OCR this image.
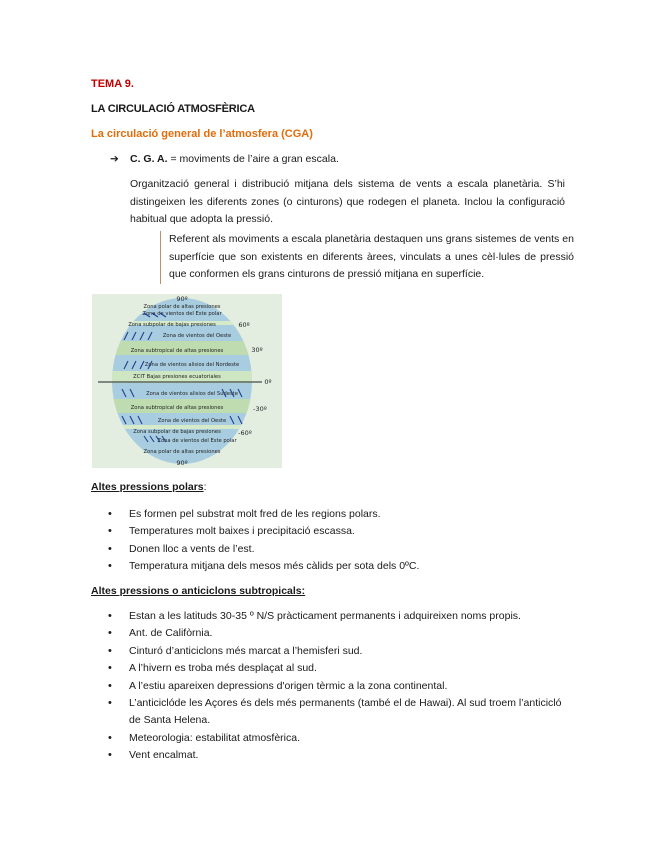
TEMA 9.
LA CIRCULACIÓ ATMOSFÈRICA
La circulació general de l’atmosfera (CGA)
➔ C. G. A. = moviments de l’aire a gran escala.
Organització general i distribució mitjana dels sistema de vents a escala planetària. S’hi distingeixen les diferents zones (o cinturons) que rodegen el planeta. Inclou la configuració habitual que adopta la pressió.
Referent als moviments a escala planetària destaquen uns grans sistemes de vents en superfície que son existents en diferents àrees, vinculats a unes cèl·lules de pressió que conformen els grans cinturons de pressió mitjana en superfície.
90º
Zona polar de altas presiones
Zona de vientos del Este polar
Zona subpolar de bajas presiones	60º
Zona de vientos del Oeste
Zona subtropical de altas presiones	30º
Zona de vientos alisios del Nordeste
ZCIT Bajas presiones ecuatoriales
0º
Zona de vientos alisios del Sudeste
Zona subtropical de altas presiones	-30º
Zona de vientos del Oeste
Zona subpolar de bajas presiones	-60º
Zona de vientos del Este polar
Zona polar de altas presiones
90º
Altes pressions polars:
• Es formen pel substrat molt fred de les regions polars.
• Temperatures molt baixes i precipitació escassa.
• Donen lloc a vents de l’est.
• Temperatura mitjana dels mesos més càlids per sota dels 0ºC.
Altes pressions o anticiclons subtropicals:
• Estan a les latituds 30-35 º N/S pràcticament permanents i adquireixen noms propis.
• Ant. de Califòrnia.
• Cinturó d’anticiclons més marcat a l’hemisferi sud.
• A l’hivern es troba més desplaçat al sud.
• A l’estiu apareixen depressions d'origen tèrmic a la zona continental.
• L’anticiclóde les Açores és dels més permanents (també el de Hawai). Al sud troem l’anticicló de Santa Helena.
• Meteorologia: estabilitat atmosfèrica.
• Vent encalmat.
